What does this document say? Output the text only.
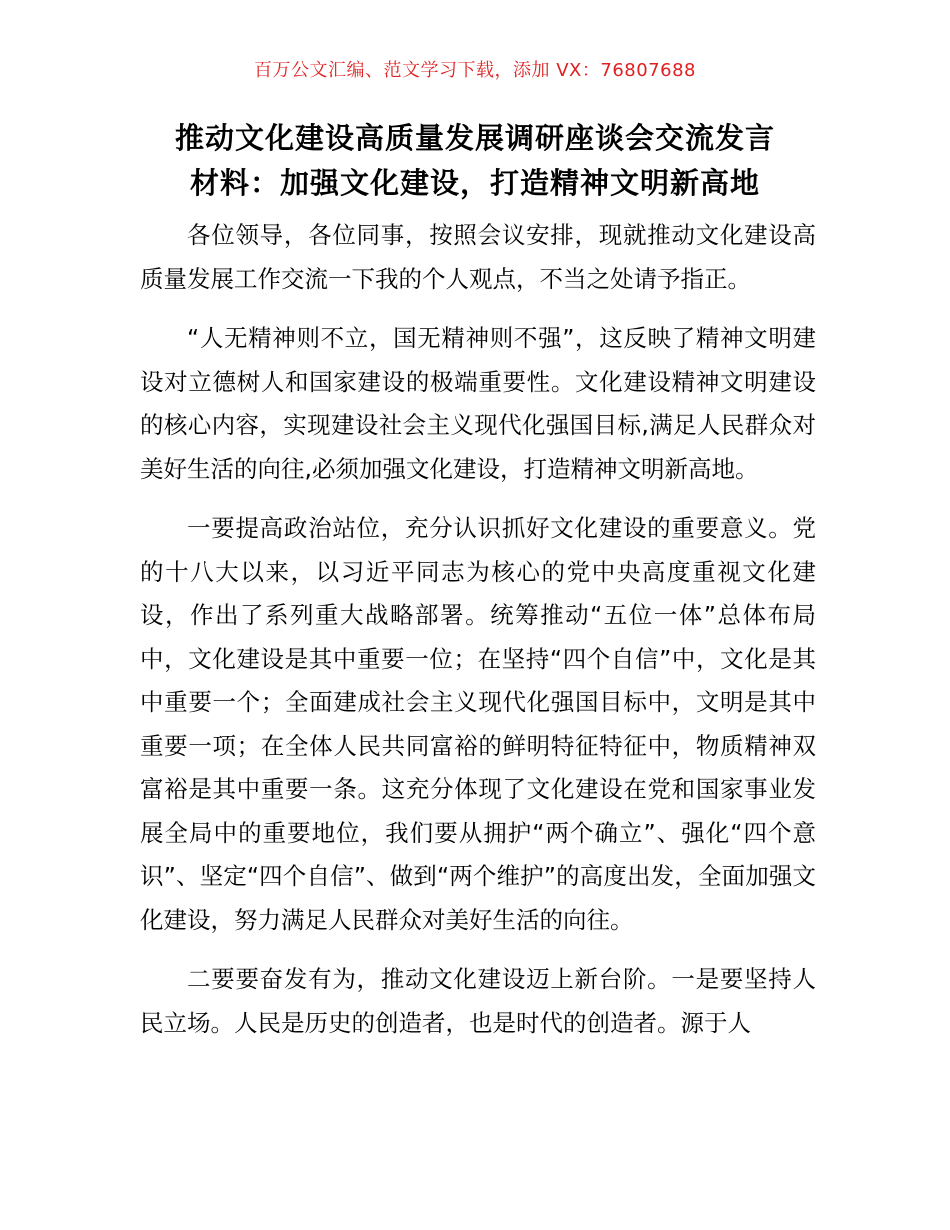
百万公文汇编、范文学习下载，添加 VX：76807688
推动文化建设高质量发展调研座谈会交流发言
材料：加强文化建设，打造精神文明新高地

各位领导，各位同事，按照会议安排，现就推动文化建设高质量发展工作交流一下我的个人观点，不当之处请予指正。

“人无精神则不立，国无精神则不强”，这反映了精神文明建设对立德树人和国家建设的极端重要性。文化建设精神文明建设的核心内容，实现建设社会主义现代化强国目标,满足人民群众对美好生活的向往,必须加强文化建设，打造精神文明新高地。

一要提高政治站位，充分认识抓好文化建设的重要意义。党的十八大以来，以习近平同志为核心的党中央高度重视文化建设，作出了系列重大战略部署。统筹推动“五位一体”总体布局中，文化建设是其中重要一位；在坚持“四个自信”中，文化是其中重要一个；全面建成社会主义现代化强国目标中，文明是其中重要一项；在全体人民共同富裕的鲜明特征特征中，物质精神双富裕是其中重要一条。这充分体现了文化建设在党和国家事业发展全局中的重要地位，我们要从拥护“两个确立”、强化“四个意识”、坚定“四个自信”、做到“两个维护”的高度出发，全面加强文化建设，努力满足人民群众对美好生活的向往。

二要要奋发有为，推动文化建设迈上新台阶。一是要坚持人民立场。人民是历史的创造者，也是时代的创造者。源于人
